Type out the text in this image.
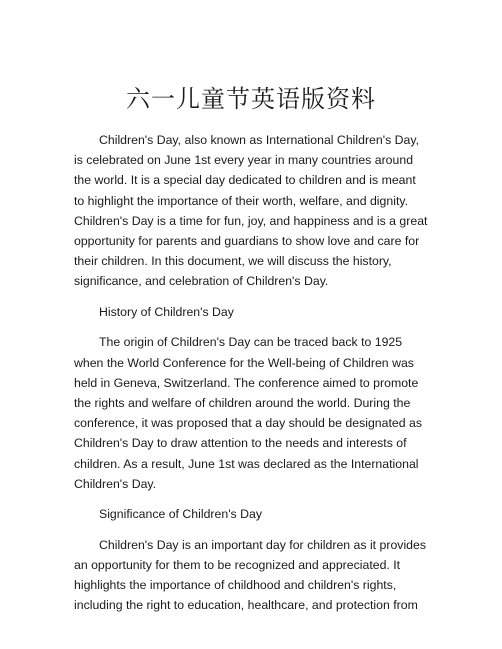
六一儿童节英语版资料

Children's Day, also known as International Children's Day, is celebrated on June 1st every year in many countries around the world. It is a special day dedicated to children and is meant to highlight the importance of their worth, welfare, and dignity. Children's Day is a time for fun, joy, and happiness and is a great opportunity for parents and guardians to show love and care for their children. In this document, we will discuss the history, significance, and celebration of Children's Day.

History of Children's Day

The origin of Children's Day can be traced back to 1925 when the World Conference for the Well-being of Children was held in Geneva, Switzerland. The conference aimed to promote the rights and welfare of children around the world. During the conference, it was proposed that a day should be designated as Children's Day to draw attention to the needs and interests of children. As a result, June 1st was declared as the International Children's Day.

Significance of Children's Day

Children's Day is an important day for children as it provides an opportunity for them to be recognized and appreciated. It highlights the importance of childhood and children's rights, including the right to education, healthcare, and protection from
